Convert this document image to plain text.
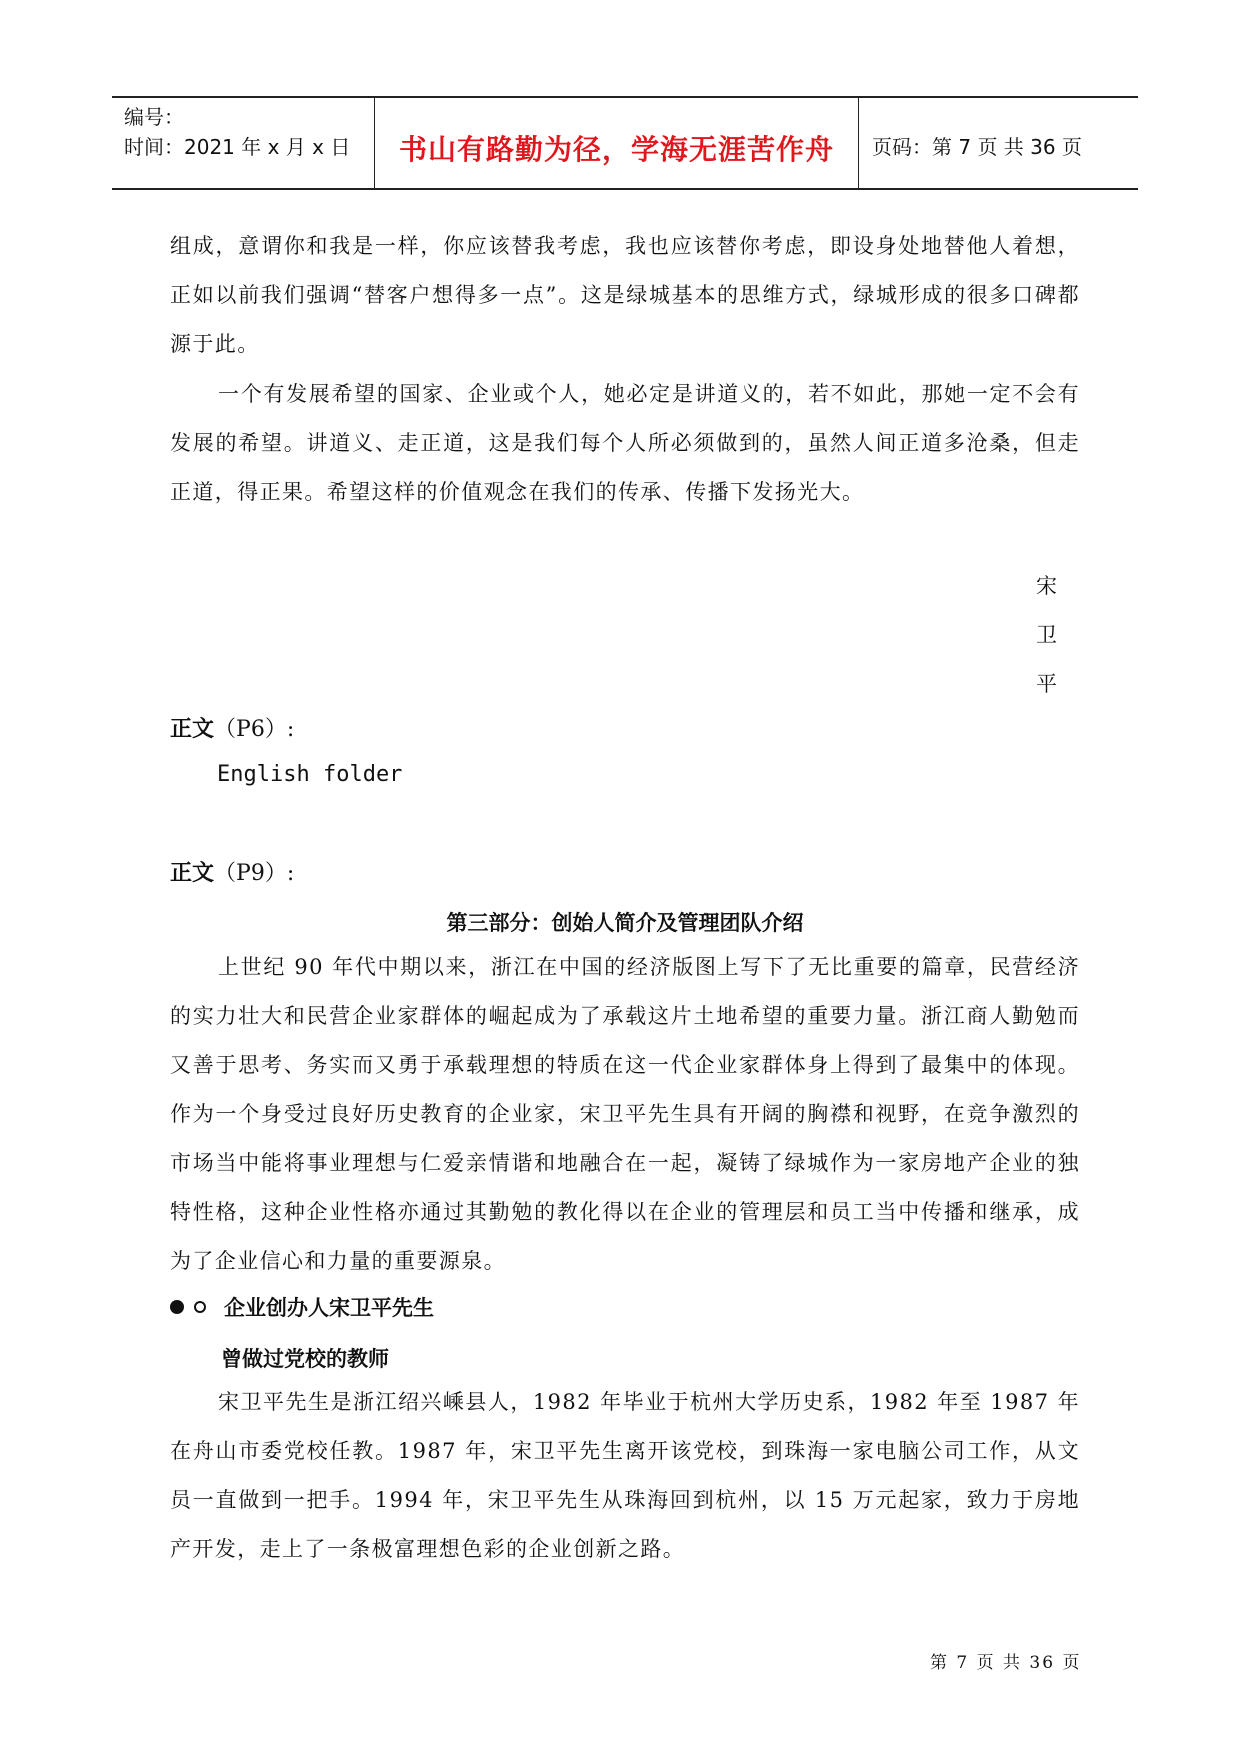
编号：
时间：2021 年 x 月 x 日 书山有路勤为径，学海无涯苦作舟 页码：第 7 页 共 36 页

组成，意谓你和我是一样，你应该替我考虑，我也应该替你考虑，即设身处地替他人着想，正如以前我们强调“替客户想得多一点”。这是绿城基本的思维方式，绿城形成的很多口碑都源于此。

一个有发展希望的国家、企业或个人，她必定是讲道义的，若不如此，那她一定不会有发展的希望。讲道义、走正道，这是我们每个人所必须做到的，虽然人间正道多沧桑，但走正道，得正果。希望这样的价值观念在我们的传承、传播下发扬光大。

宋
卫
平
正文（P6）:
English folder
正文（P9）:
第三部分：创始人简介及管理团队介绍

上世纪 90 年代中期以来，浙江在中国的经济版图上写下了无比重要的篇章，民营经济的实力壮大和民营企业家群体的崛起成为了承载这片土地希望的重要力量。浙江商人勤勉而又善于思考、务实而又勇于承载理想的特质在这一代企业家群体身上得到了最集中的体现。作为一个身受过良好历史教育的企业家，宋卫平先生具有开阔的胸襟和视野，在竞争激烈的市场当中能将事业理想与仁爱亲情谐和地融合在一起，凝铸了绿城作为一家房地产企业的独特性格，这种企业性格亦通过其勤勉的教化得以在企业的管理层和员工当中传播和继承，成为了企业信心和力量的重要源泉。

企业创办人宋卫平先生
曾做过党校的教师

宋卫平先生是浙江绍兴嵊县人，1982 年毕业于杭州大学历史系，1982 年至 1987 年在舟山市委党校任教。1987 年，宋卫平先生离开该党校，到珠海一家电脑公司工作，从文员一直做到一把手。1994 年，宋卫平先生从珠海回到杭州，以 15 万元起家，致力于房地产开发，走上了一条极富理想色彩的企业创新之路。

第 7 页 共 36 页
